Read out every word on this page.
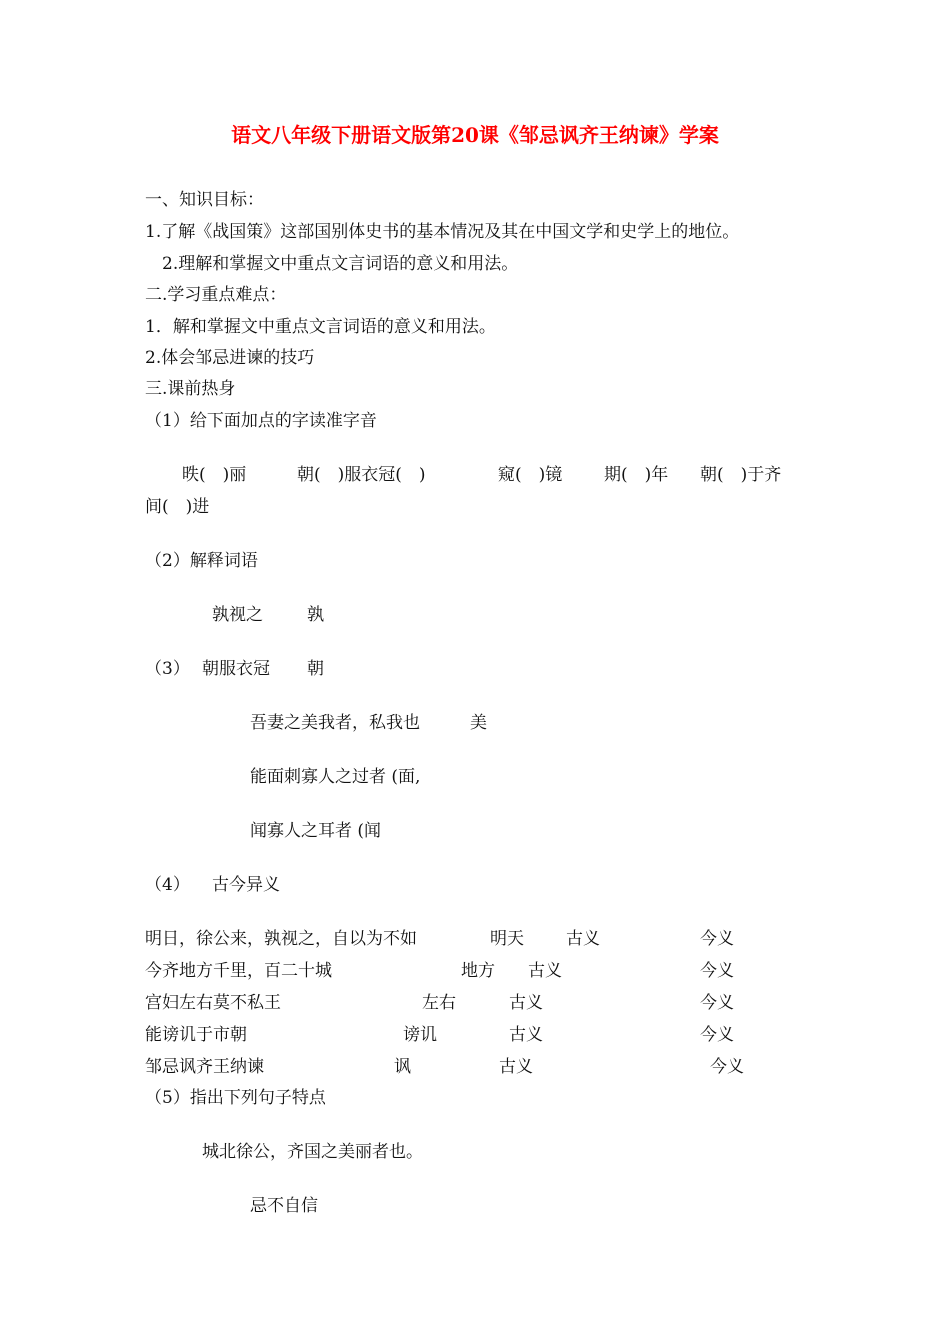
语文八年级下册语文版第20课《邹忌讽齐王纳谏》学案
一、知识目标：
1.了解《战国策》这部国别体史书的基本情况及其在中国文学和史学上的地位。
2.理解和掌握文中重点文言词语的意义和用法。
二.学习重点难点：
1．解和掌握文中重点文言词语的意义和用法。
2.体会邹忌进谏的技巧
三.课前热身
（1）给下面加点的字读准字音
昳(　)丽	朝(　)服衣冠(　)	窥(　)镜 期(　)年 朝(　)于齐
间(　)进
（2）解释词语
孰视之	孰
（3） 朝服衣冠 朝
吾妻之美我者，私我也	美
能面刺寡人之过者 (面,
闻寡人之耳者 (闻
（4） 古今异义
明日，徐公来，孰视之，自以为不如	明天 古义	今义
今齐地方千里，百二十城	地方 古义	今义
宫妇左右莫不私王	左右	古义	今义
能谤讥于市朝	谤讥	古义	今义
邹忌讽齐王纳谏	讽	古义	今义
（5）指出下列句子特点
城北徐公，齐国之美丽者也。
忌不自信
